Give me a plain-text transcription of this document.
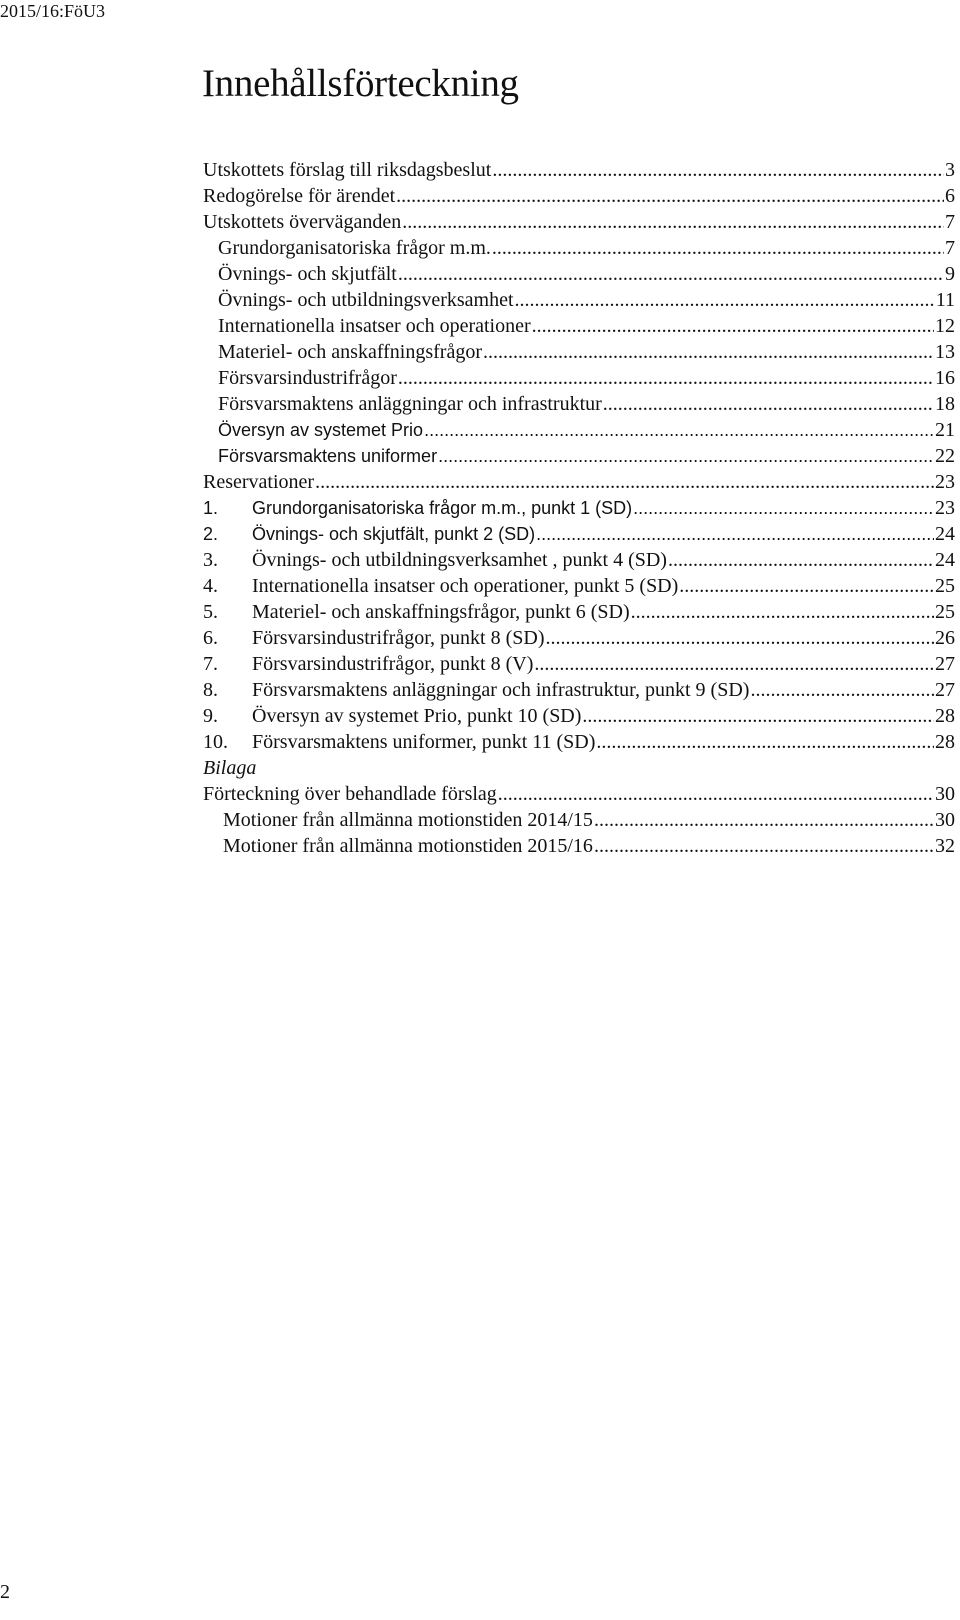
2015/16:FöU3
Innehållsförteckning
Utskottets förslag till riksdagsbeslut .....	3
Redogörelse för ärendet .....	6
Utskottets överväganden .....	7
Grundorganisatoriska frågor m.m. .....	7
Övnings- och skjutfält .....	9
Övnings- och utbildningsverksamhet .....	11
Internationella insatser och operationer .....	12
Materiel- och anskaffningsfrågor .....	13
Försvarsindustrifrågor .....	16
Försvarsmaktens anläggningar och infrastruktur .....	18
Översyn av systemet Prio .....	21
Försvarsmaktens uniformer .....	22
Reservationer .....	23
1.	Grundorganisatoriska frågor m.m., punkt 1 (SD) .....	23
2.	Övnings- och skjutfält, punkt 2 (SD) .....	24
3.	Övnings- och utbildningsverksamhet , punkt 4 (SD) .....	24
4.	Internationella insatser och operationer, punkt 5 (SD) .....	25
5.	Materiel- och anskaffningsfrågor, punkt 6 (SD) .....	25
6.	Försvarsindustrifrågor, punkt 8 (SD) .....	26
7.	Försvarsindustrifrågor, punkt 8 (V) .....	27
8.	Försvarsmaktens anläggningar och infrastruktur, punkt 9 (SD) .....	27
9.	Översyn av systemet Prio, punkt 10 (SD) .....	28
10.	Försvarsmaktens uniformer, punkt 11 (SD) .....	28
Bilaga
Förteckning över behandlade förslag .....	30
Motioner från allmänna motionstiden 2014/15 .....	30
Motioner från allmänna motionstiden 2015/16 .....	32
2
